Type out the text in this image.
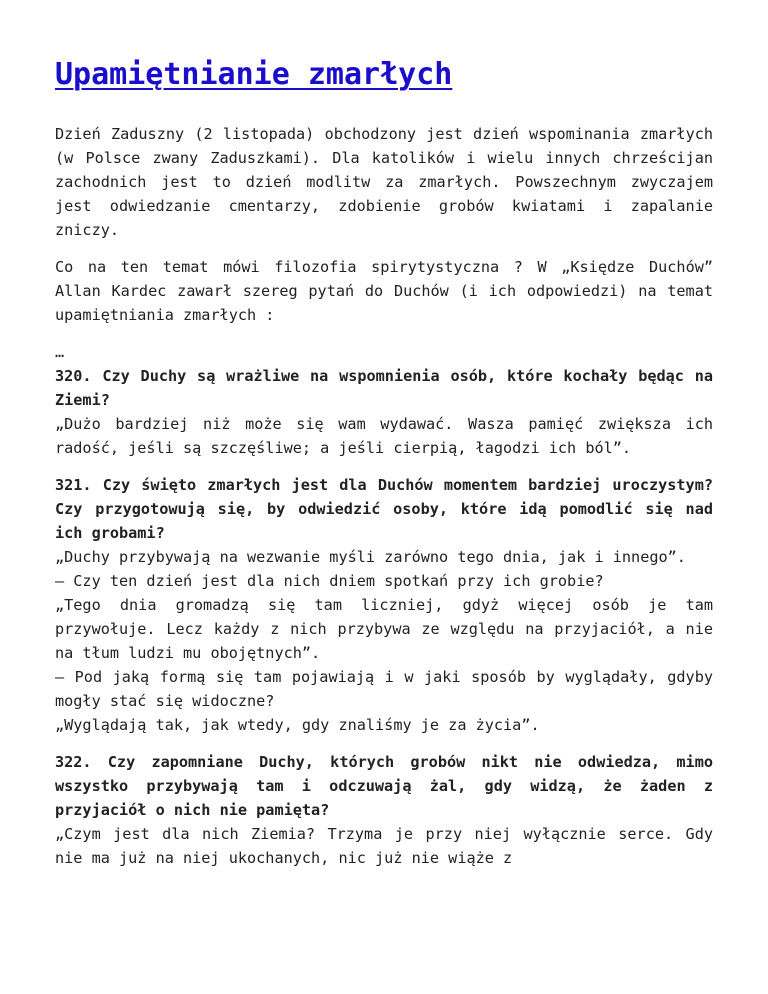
Upamiętnianie zmarłych

Dzień Zaduszny (2 listopada) obchodzony jest dzień wspominania zmarłych (w Polsce zwany Zaduszkami). Dla katolików i wielu innych chrześcijan zachodnich jest to dzień modlitw za zmarłych. Powszechnym zwyczajem jest odwiedzanie cmentarzy, zdobienie grobów kwiatami i zapalanie zniczy.

Co na ten temat mówi filozofia spirytystyczna ? W „Księdze Duchów” Allan Kardec zawarł szereg pytań do Duchów (i ich odpowiedzi) na temat upamiętniania zmarłych :

…
320. Czy Duchy są wrażliwe na wspomnienia osób, które kochały będąc na Ziemi?
„Dużo bardziej niż może się wam wydawać. Wasza pamięć zwiększa ich radość, jeśli są szczęśliwe; a jeśli cierpią, łagodzi ich ból”.

321. Czy święto zmarłych jest dla Duchów momentem bardziej uroczystym? Czy przygotowują się, by odwiedzić osoby, które idą pomodlić się nad ich grobami?
„Duchy przybywają na wezwanie myśli zarówno tego dnia, jak i innego”.
— Czy ten dzień jest dla nich dniem spotkań przy ich grobie?
„Tego dnia gromadzą się tam liczniej, gdyż więcej osób je tam przywołuje. Lecz każdy z nich przybywa ze względu na przyjaciół, a nie na tłum ludzi mu obojętnych”.
— Pod jaką formą się tam pojawiają i w jaki sposób by wyglądały, gdyby mogły stać się widoczne?
„Wyglądają tak, jak wtedy, gdy znaliśmy je za życia”.

322. Czy zapomniane Duchy, których grobów nikt nie odwiedza, mimo wszystko przybywają tam i odczuwają żal, gdy widzą, że żaden z przyjaciół o nich nie pamięta?
„Czym jest dla nich Ziemia? Trzyma je przy niej wyłącznie serce. Gdy nie ma już na niej ukochanych, nic już nie wiąże z
